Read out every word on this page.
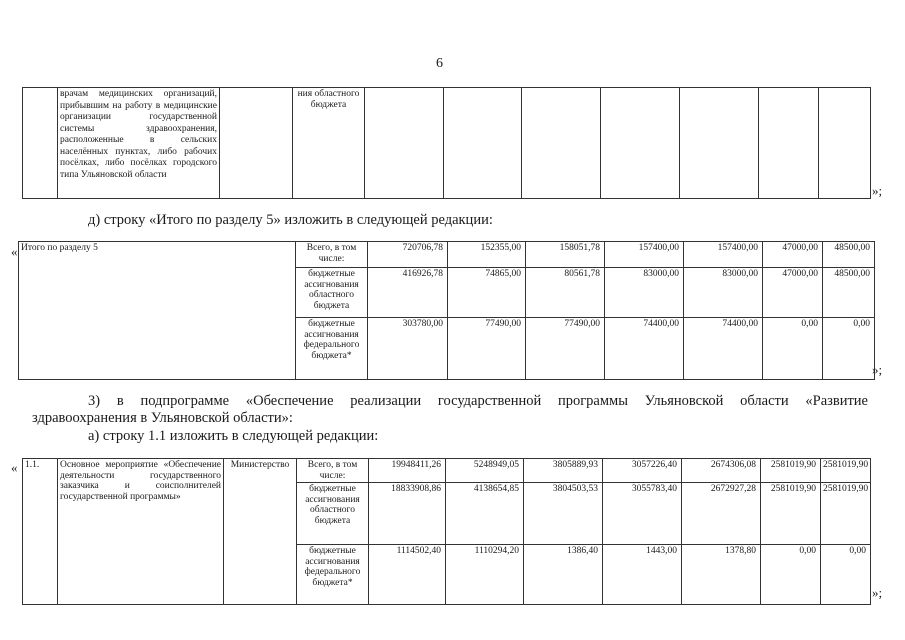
6
	врачам медицинских организаций, прибывшим на работу в медицинские организации государственной системы здравоохранения, расположенные в сельских населённых пунктах, либо рабочих посёлках, либо посёлках городского типа Ульяновской области		ния областного бюджета							
»;
д) строку «Итого по разделу 5» изложить в следующей редакции:
« Итого по разделу 5	Всего, в том числе:	720706,78	152355,00	158051,78	157400,00	157400,00	47000,00	48500,00
	бюджетные ассигнования областного бюджета	416926,78	74865,00	80561,78	83000,00	83000,00	47000,00	48500,00
	бюджетные ассигнования федерального бюджета*	303780,00	77490,00	77490,00	74400,00	74400,00	0,00	0,00
»;
3) в подпрограмме «Обеспечение реализации государственной программы Ульяновской области «Развитие
здравоохранения в Ульяновской области»:
а) строку 1.1 изложить в следующей редакции:
« 1.1.	Основное мероприятие «Обеспечение деятельности государственного заказчика и соисполнителей государственной программы»	Министерство	Всего, в том числе:	19948411,26	5248949,05	3805889,93	3057226,40	2674306,08	2581019,90	2581019,90
			бюджетные ассигнования областного бюджета	18833908,86	4138654,85	3804503,53	3055783,40	2672927,28	2581019,90	2581019,90
			бюджетные ассигнования федерального бюджета*	1114502,40	1110294,20	1386,40	1443,00	1378,80	0,00	0,00
»;
